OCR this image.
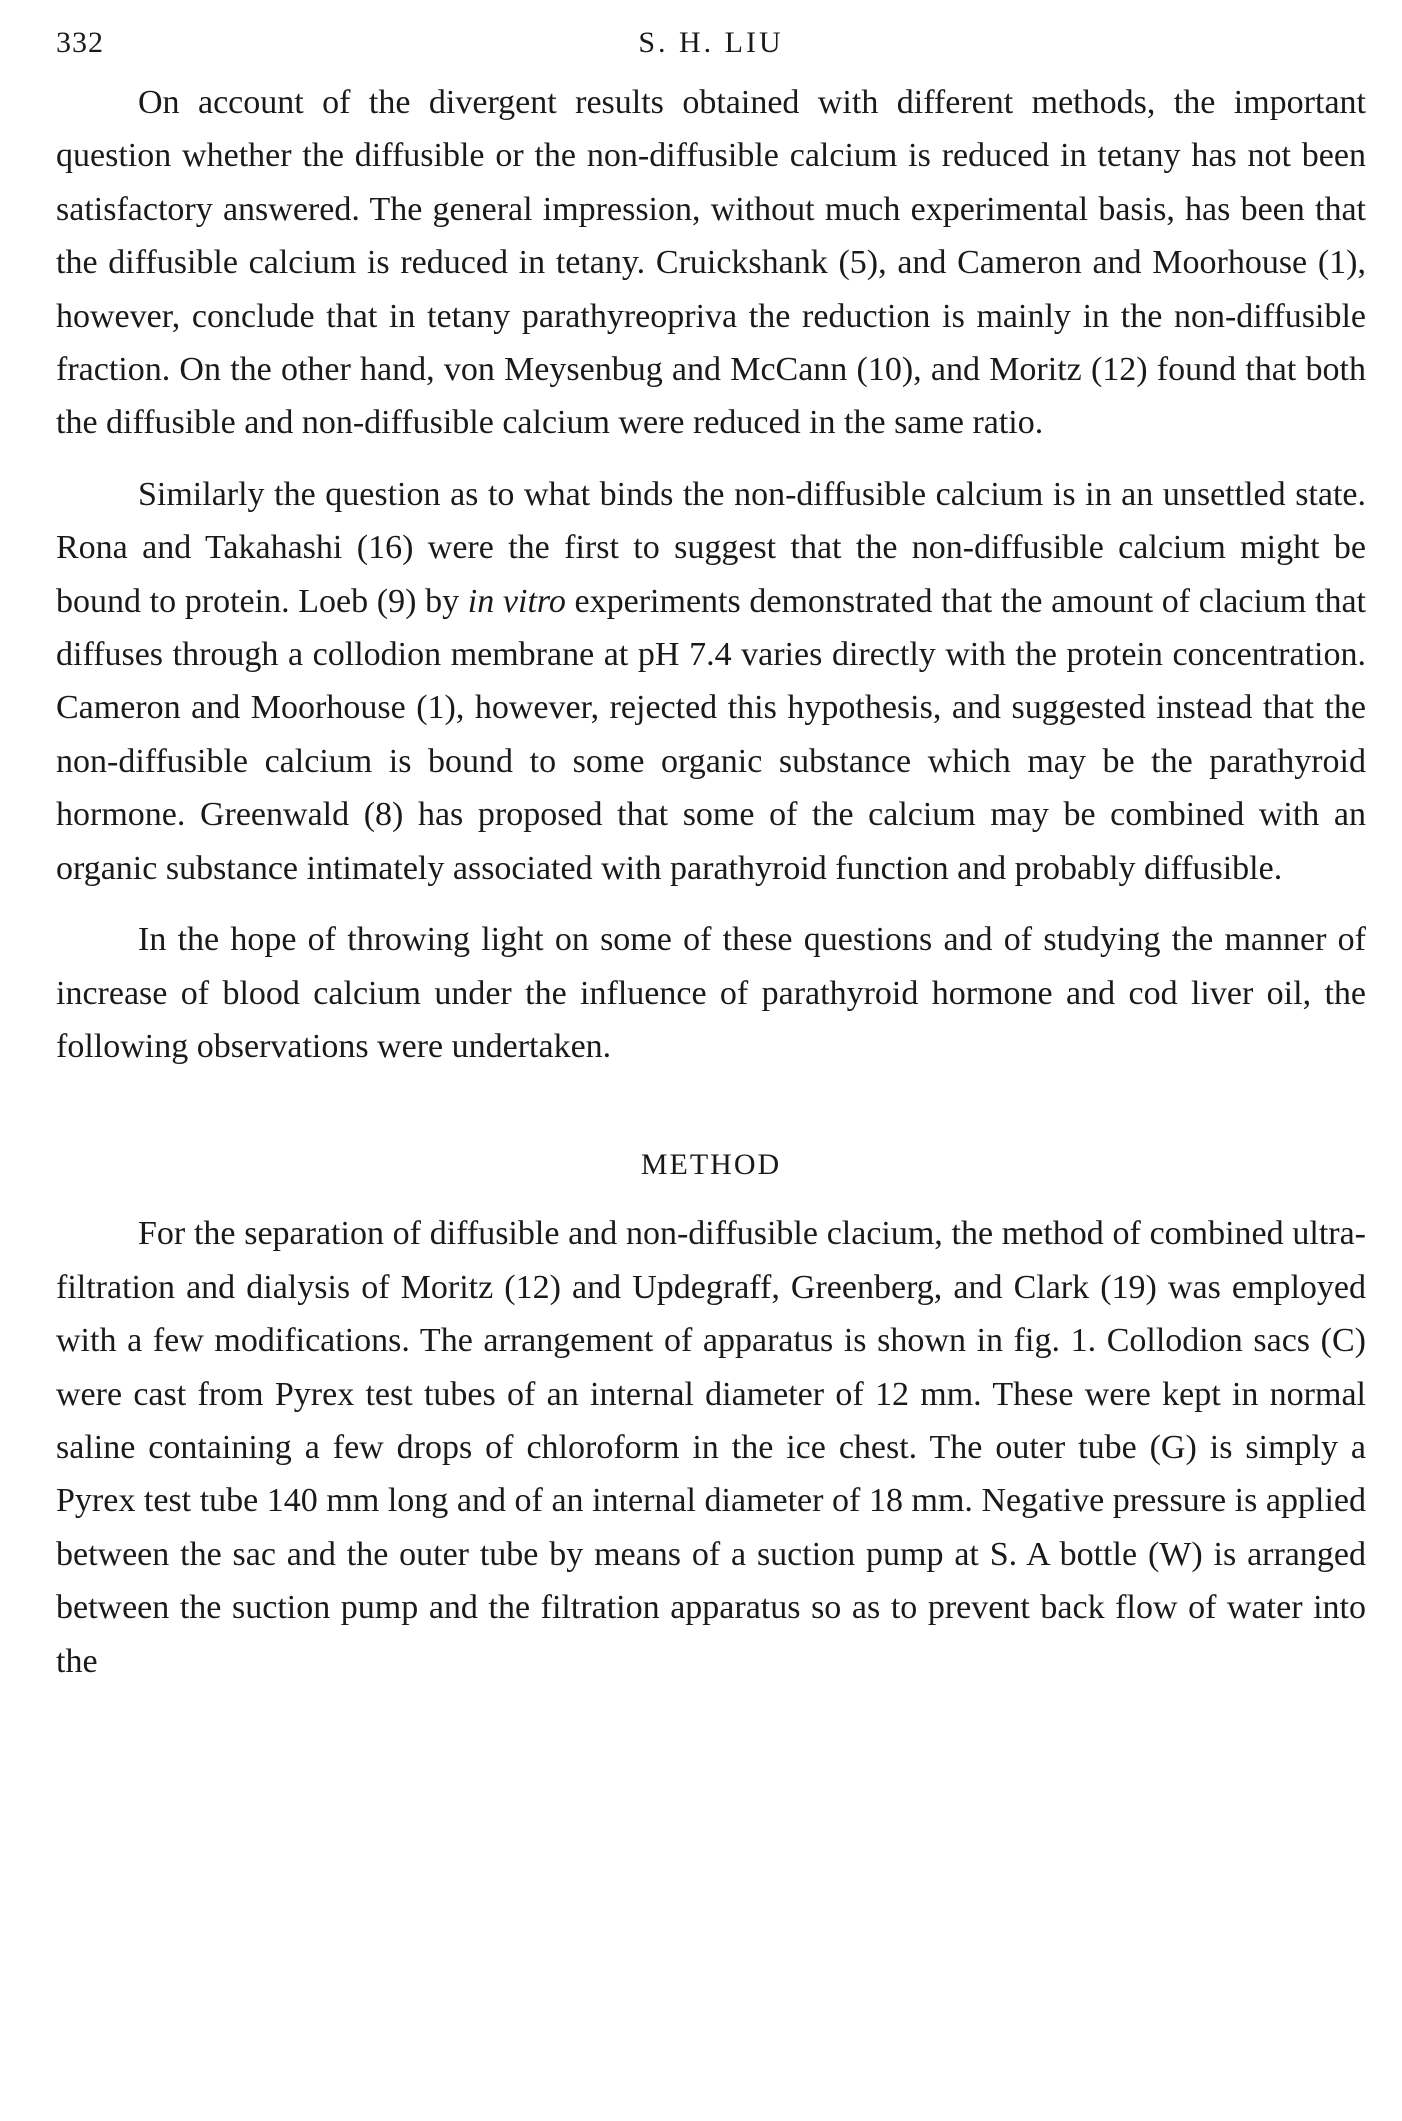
332	S. H. LIU

On account of the divergent results obtained with different methods, the important question whether the diffusible or the non-diffusible calcium is reduced in tetany has not been satisfactory answered. The general impression, without much experimental basis, has been that the diffusible calcium is reduced in tetany. Cruickshank (5), and Cameron and Moorhouse (1), however, conclude that in tetany parathyreopriva the reduction is mainly in the non-diffusible fraction. On the other hand, von Meysenbug and McCann (10), and Moritz (12) found that both the diffusible and non-diffusible calcium were reduced in the same ratio.

Similarly the question as to what binds the non-diffusible calcium is in an unsettled state. Rona and Takahashi (16) were the first to suggest that the non-diffusible calcium might be bound to protein. Loeb (9) by in vitro experiments demonstrated that the amount of clacium that diffuses through a collodion membrane at pH 7.4 varies directly with the protein concentration. Cameron and Moorhouse (1), however, rejected this hypothesis, and suggested instead that the non-diffusible calcium is bound to some organic substance which may be the parathyroid hormone. Greenwald (8) has proposed that some of the calcium may be combined with an organic substance intimately associated with parathyroid function and probably diffusible.

In the hope of throwing light on some of these questions and of studying the manner of increase of blood calcium under the influence of parathyroid hormone and cod liver oil, the following observations were undertaken.

METHOD

For the separation of diffusible and non-diffusible clacium, the method of combined ultra-filtration and dialysis of Moritz (12) and Updegraff, Greenberg, and Clark (19) was employed with a few modifications. The arrangement of apparatus is shown in fig. 1. Collodion sacs (C) were cast from Pyrex test tubes of an internal diameter of 12 mm. These were kept in normal saline containing a few drops of chloroform in the ice chest. The outer tube (G) is simply a Pyrex test tube 140 mm long and of an internal diameter of 18 mm. Negative pressure is applied between the sac and the outer tube by means of a suction pump at S. A bottle (W) is arranged between the suction pump and the filtration apparatus so as to prevent back flow of water into the
